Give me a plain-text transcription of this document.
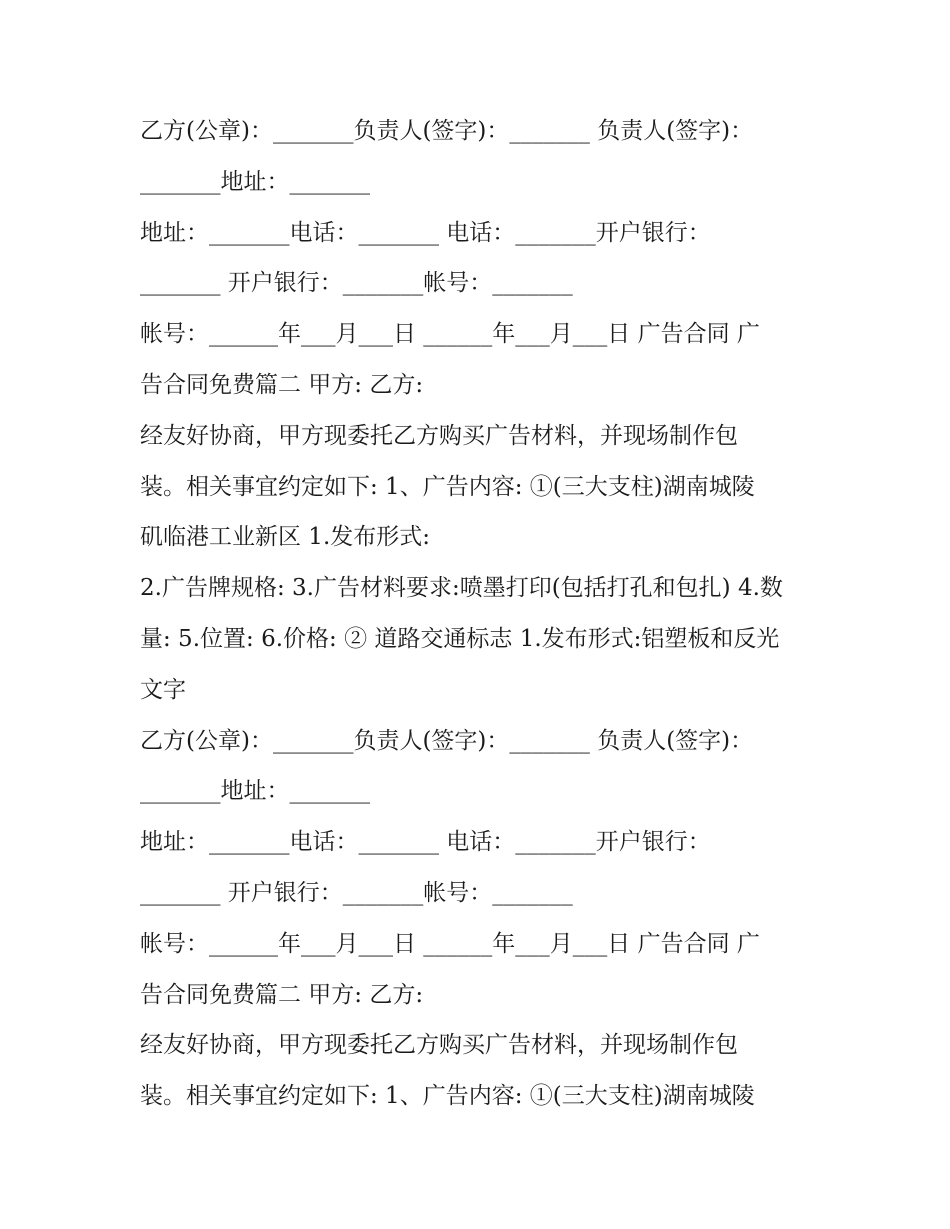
乙方(公章)：_______负责人(签字)：_______ 负责人(签字)：
_______地址：_______
地址：_______电话：_______ 电话：_______开户银行：
_______ 开户银行：_______帐号：_______
帐号：______年___月___日 ______年___月___日 广告合同 广
告合同免费篇二 甲方: 乙方:
经友好协商，甲方现委托乙方购买广告材料，并现场制作包
装。相关事宜约定如下: 1、广告内容: ①(三大支柱)湖南城陵
矶临港工业新区 1.发布形式:
2.广告牌规格: 3.广告材料要求:喷墨打印(包括打孔和包扎) 4.数
量: 5.位置: 6.价格: ② 道路交通标志 1.发布形式:铝塑板和反光
文字
乙方(公章)：_______负责人(签字)：_______ 负责人(签字)：
_______地址：_______
地址：_______电话：_______ 电话：_______开户银行：
_______ 开户银行：_______帐号：_______
帐号：______年___月___日 ______年___月___日 广告合同 广
告合同免费篇二 甲方: 乙方:
经友好协商，甲方现委托乙方购买广告材料，并现场制作包
装。相关事宜约定如下: 1、广告内容: ①(三大支柱)湖南城陵
